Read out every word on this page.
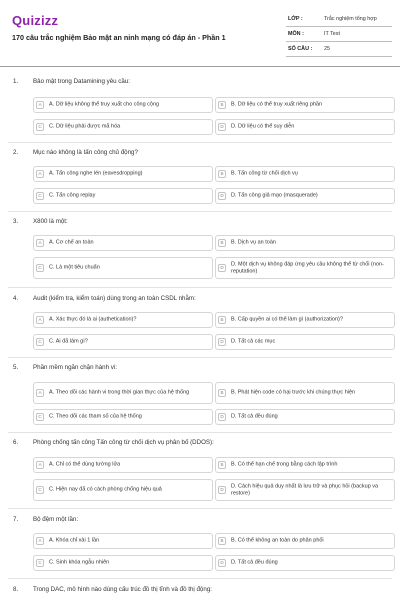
Quizizz
170 câu trắc nghiệm Bảo mật an ninh mạng có đáp án - Phần 1
LỚP :	Trắc nghiệm tổng hợp
MÔN :	IT Test
SỐ CÂU : 25
1. Bảo mật trong Datamining yêu cầu:
A	A. Dữ liệu không thể truy xuất cho công cộng	B	B. Dữ liệu có thể truy xuất riêng phần
C	C. Dữ liệu phải được mã hóa	D	D. Dữ liệu có thể suy diễn
2. Mục nào không là tấn công chủ động?
A	A. Tấn công nghe lén (eavesdropping)	B	B. Tấn công từ chối dịch vụ
C	C. Tấn công replay	D	D. Tấn công giả mạo (masquerade)
3. X800 là một:
A	A. Cơ chế an toàn	B	B. Dịch vụ an toàn
C	C. Là một tiêu chuẩn	D
D. Một dịch vụ không đáp ứng yêu cầu không thể từ chối (non-reputation)
4. Audit (kiểm tra, kiểm toán) dùng trong an toàn CSDL nhằm:
A	A. Xác thực đó là ai (authetication)?	B	B. Cấp quyền ai có thể làm gì (authorization)?
C	C. Ai đã làm gì?	D	D. Tất cả các mục
5. Phần mềm ngăn chặn hành vi:
A	A. Theo dõi các hành vi trong thời gian thực của hệ thống	B	B. Phát hiện code có hại trước khi chúng thực hiện
C	C. Theo dõi các tham số của hệ thống	D	D. Tất cả đều đúng
6. Phòng chống tấn công Tấn công từ chối dịch vụ phân bố (DDOS):
A	A. Chỉ có thể dùng tường lửa	B	B. Có thể hạn chế trong bằng cách lập trình
C	C. Hiện nay đã có cách phòng chống hiệu quả	D
D. Cách hiệu quả duy nhất là lưu trữ và phục hồi (backup va restore)
7. Bộ đệm một lần:
A	A. Khóa chỉ xài 1 lần	B	B. Có thể không an toàn do phân phối
C	C. Sinh khóa ngẫu nhiên	D	D. Tất cả đều đúng
8. Trong DAC, mô hình nào dùng cấu trúc đồ thị tĩnh và đồ thị động:
